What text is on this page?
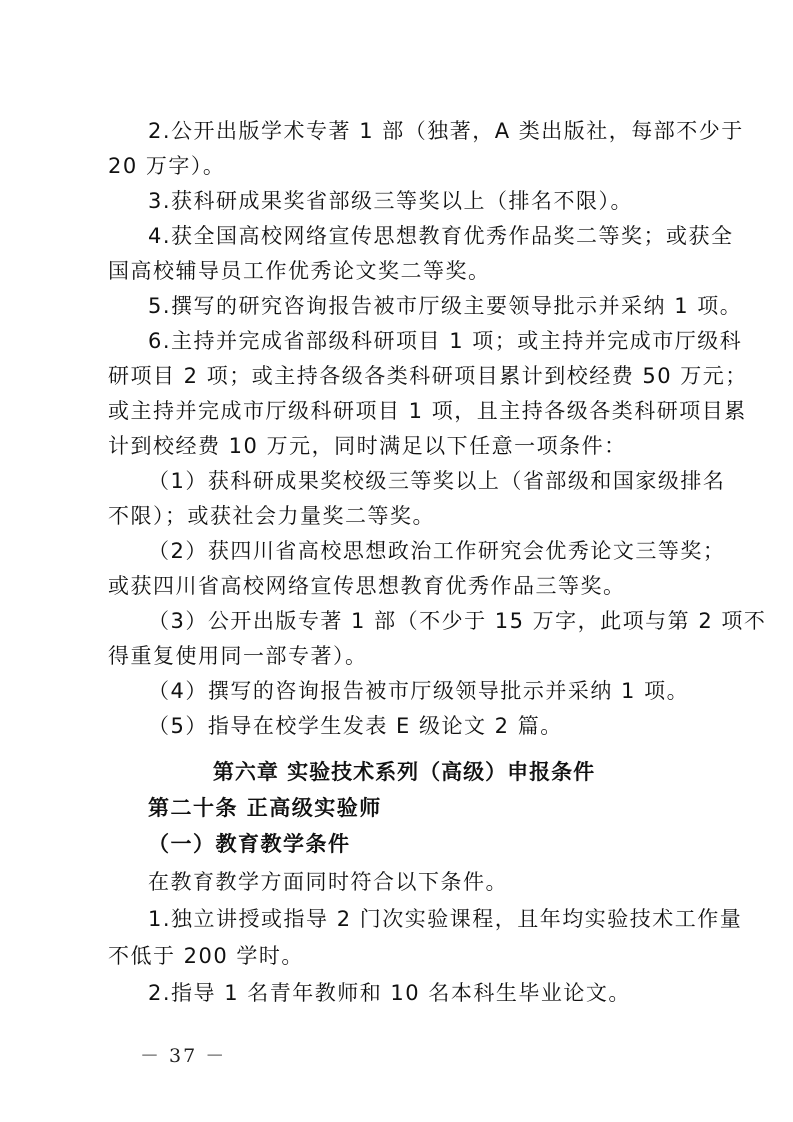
2.公开出版学术专著 1 部（独著，A 类出版社，每部不少于
20 万字）。
3.获科研成果奖省部级三等奖以上（排名不限）。
4.获全国高校网络宣传思想教育优秀作品奖二等奖；或获全
国高校辅导员工作优秀论文奖二等奖。
5.撰写的研究咨询报告被市厅级主要领导批示并采纳 1 项。
6.主持并完成省部级科研项目 1 项；或主持并完成市厅级科
研项目 2 项；或主持各级各类科研项目累计到校经费 50 万元；
或主持并完成市厅级科研项目 1 项，且主持各级各类科研项目累
计到校经费 10 万元，同时满足以下任意一项条件：
（1）获科研成果奖校级三等奖以上（省部级和国家级排名
不限）；或获社会力量奖二等奖。
（2）获四川省高校思想政治工作研究会优秀论文三等奖；
或获四川省高校网络宣传思想教育优秀作品三等奖。
（3）公开出版专著 1 部（不少于 15 万字，此项与第 2 项不
得重复使用同一部专著）。
（4）撰写的咨询报告被市厅级领导批示并采纳 1 项。
（5）指导在校学生发表 E 级论文 2 篇。
第六章 实验技术系列（高级）申报条件
第二十条 正高级实验师
（一）教育教学条件
在教育教学方面同时符合以下条件。
1.独立讲授或指导 2 门次实验课程，且年均实验技术工作量
不低于 200 学时。
2.指导 1 名青年教师和 10 名本科生毕业论文。
－ 37 －
